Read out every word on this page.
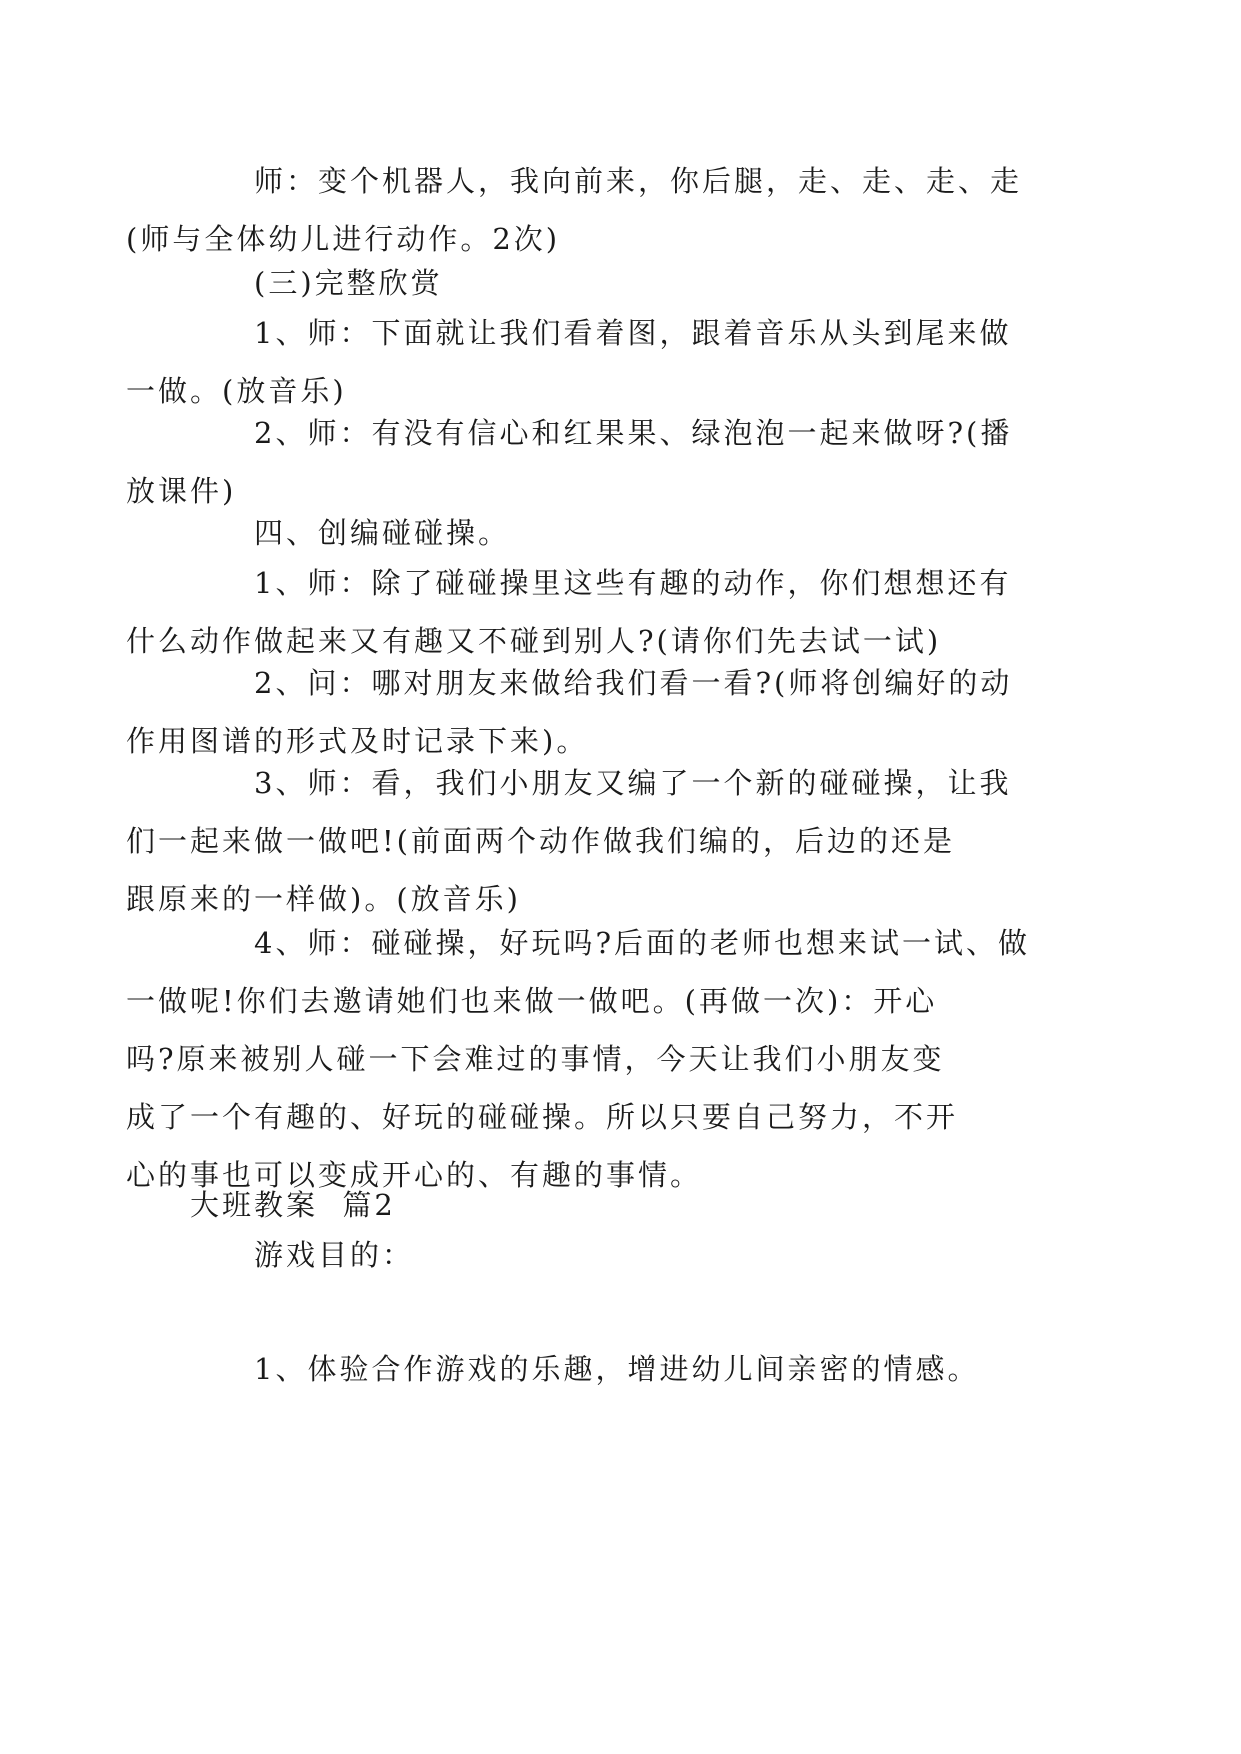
师：变个机器人，我向前来，你后腿，走、走、走、走
(师与全体幼儿进行动作。2次)

(三)完整欣赏

1、师：下面就让我们看着图，跟着音乐从头到尾来做
一做。(放音乐)

2、师：有没有信心和红果果、绿泡泡一起来做呀?(播
放课件)

四、创编碰碰操。

1、师：除了碰碰操里这些有趣的动作，你们想想还有
什么动作做起来又有趣又不碰到别人?(请你们先去试一试)

2、问：哪对朋友来做给我们看一看?(师将创编好的动
作用图谱的形式及时记录下来)。

3、师：看，我们小朋友又编了一个新的碰碰操，让我
们一起来做一做吧!(前面两个动作做我们编的，后边的还是
跟原来的一样做)。(放音乐)

4、师：碰碰操，好玩吗?后面的老师也想来试一试、做
一做呢!你们去邀请她们也来做一做吧。(再做一次)：开心
吗?原来被别人碰一下会难过的事情，今天让我们小朋友变
成了一个有趣的、好玩的碰碰操。所以只要自己努力，不开
心的事也可以变成开心的、有趣的事情。

大班教案  篇2

游戏目的：

1、体验合作游戏的乐趣，增进幼儿间亲密的情感。
